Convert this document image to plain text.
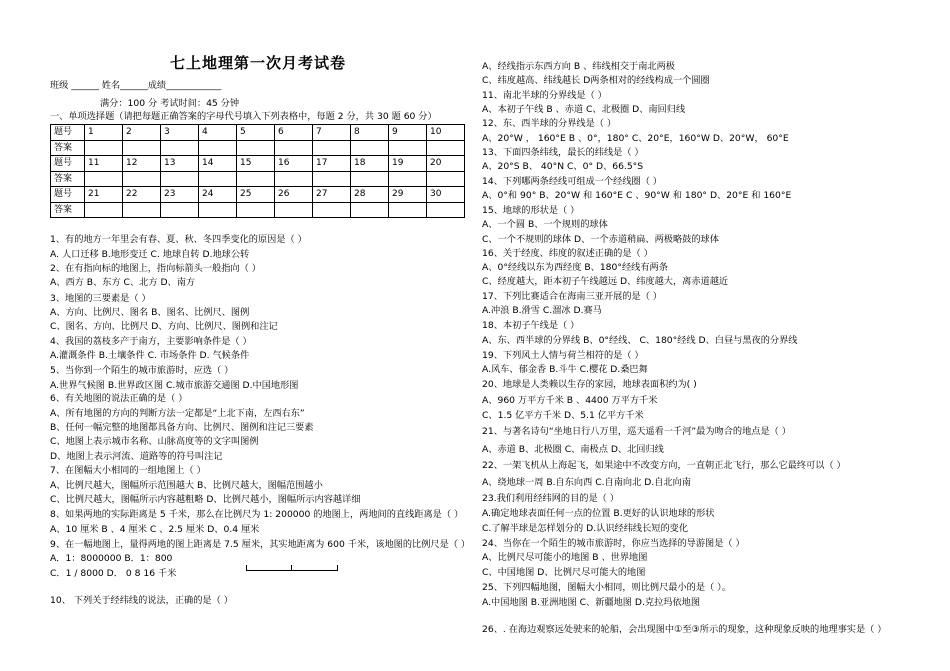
七上地理第一次月考试卷
班级 ______ 姓名______成绩____________
满分：100 分 考试时间：45 分钟
一、单项选择题（请把每题正确答案的字母代号填入下列表格中，每题 2 分，共 30 题 60 分）
题号	1	2	3	4	5	6	7	8	9	10
答案										
题号	11	12	13	14	15	16	17	18	19	20
答案										
题号	21	22	23	24	25	26	27	28	29	30
答案										
1、有的地方一年里会有春、夏、秋、冬四季变化的原因是（ ）
A. 人口迁移 B.地形变迁 C. 地球自转 D.地球公转
2、在有指向标的地图上，指向标箭头一般指向（ ）
A、西方 B、东方 C、北方 D、南方
3、地图的三要素是（ ）
A、方向、比例尺、图名 B、图名、比例尺、图例
C、图名、方向、比例尺 D、方向、比例尺、图例和注记
4、我国的荔枝多产于南方，主要影响条件是（ ）
A.灌溉条件 B.土壤条件 C. 市场条件 D. 气候条件
5、当你到一个陌生的城市旅游时，应选（ ）
A.世界气候图 B.世界政区图 C.城市旅游交通图 D.中国地形图
6、有关地图的说法正确的是（ ）
A、所有地图的方向的判断方法一定都是“上北下南，左西右东”
B、任何一幅完整的地图都具备方向、比例尺、图例和注记三要素
C、地图上表示城市名称、山脉高度等的文字叫图例
D、地图上表示河流、道路等的符号叫注记
7、在图幅大小相同的一组地图上（ ）
A、比例尺越大，图幅所示范围越大 B、比例尺越大，图幅范围越小
C、比例尺越大，图幅所示内容越粗略 D、比例尺越小，图幅所示内容越详细
8、如果两地的实际距离是 5 千米，那么在比例尺为 1: 200000 的地图上，两地间的直线距离是（ ）
A、10 厘米 B 、4 厘米 C 、2.5 厘米 D、0.4 厘米
9、在一幅地图上，量得两地的图上距离是 7.5 厘米，其实地距离为 600 千米，该地图的比例尺是（ ）
A．1：8000000 B．1：800
C．1 / 8000 D． 0 8 16 千米
10、 下列关于经纬线的说法，正确的是（ ）
A、经线指示东西方向 B 、纬线相交于南北两极
C、纬度越高、纬线越长 D两条相对的经线构成一个圆圈
11、南北半球的分界线是（ ）
A、本初子午线 B 、赤道 C、北极圈 D、南回归线
12、东、西半球的分界线是（ ）
A、20°W ， 160°E B 、0°，180° C、20°E，160°W D、20°W， 60°E
13、下面四条纬线，最长的纬线是（ ）
A、20°S B、 40°N C、0° D、66.5°S
14、下列哪两条经线可组成一个经线圈（ ）
A、0°和 90° B、20°W 和 160°E C 、90°W 和 180° D、20°E 和 160°E
15、地球的形状是（ ）
A、一个圆 B、一个规则的球体
C、一个不规则的球体 D、一个赤道稍扁、两极略鼓的球体
16、关于经度、纬度的叙述正确的是（ ）
A、0°经线以东为西经度 B、180°经线有两条
C、经度越大，距本初子午线越远 D、纬度越大，离赤道越近
17、下列比赛适合在海南三亚开展的是（ ）
A.冲浪 B.滑雪 C.溜冰 D.赛马
18、本初子午线是（ ）
A、东、西半球的分界线 B、0°经线、 C、180°经线 D、白昼与黑夜的分界线
19、下列风土人情与荷兰相符的是（ ）
A.风车、郁金香 B.斗牛 C.樱花 D.桑巴舞
20、地球是人类赖以生存的家园，地球表面积约为( )
A、960 万平方千米 B 、4400 万平方千米
C、1.5 亿平方千米 D、5.1 亿平方千米
21、与著名诗句“坐地日行八万里，巡天遥看一千河”最为吻合的地点是（ ）
A、赤道 B、北极圈 C、南极点 D、北回归线
22、一架飞机从上海起飞，如果途中不改变方向，一直朝正北飞行，那么它最终可以（ ）
A、绕地球一周 B.自东向西 C.自南向北 D.自北向南
23.我们利用经纬网的目的是（ ）
A.确定地球表面任何一点的位置 B.更好的认识地球的形状
C.了解半球是怎样划分的 D.认识经纬线长短的变化
24、当你在一个陌生的城市旅游时，你应当选择的导游图是（ ）
A、比例尺尽可能小的地图 B 、世界地图
C、中国地图 D、比例尺尽可能大的地图
25、下列四幅地图，图幅大小相同，则比例尺最小的是（ ）。
A.中国地图 B.亚洲地图 C、新疆地图 D.克拉玛依地图
26、. 在海边观察远处驶来的轮船，会出现图中①至③所示的现象，这种现象反映的地理事实是（ ）
